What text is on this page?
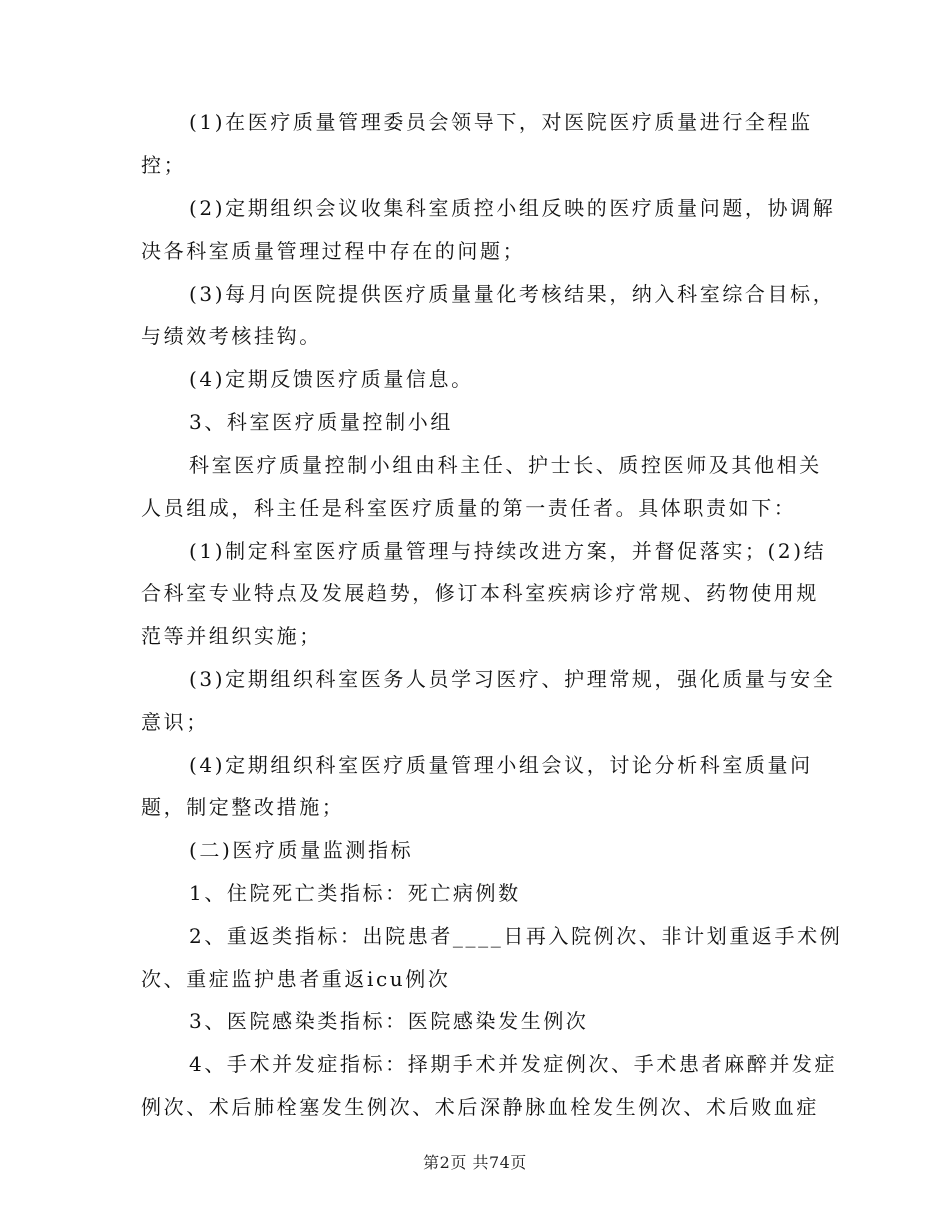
(1)在医疗质量管理委员会领导下，对医院医疗质量进行全程监
控；
(2)定期组织会议收集科室质控小组反映的医疗质量问题，协调解
决各科室质量管理过程中存在的问题；
(3)每月向医院提供医疗质量量化考核结果，纳入科室综合目标，
与绩效考核挂钩。
(4)定期反馈医疗质量信息。
3、科室医疗质量控制小组
科室医疗质量控制小组由科主任、护士长、质控医师及其他相关
人员组成，科主任是科室医疗质量的第一责任者。具体职责如下：
(1)制定科室医疗质量管理与持续改进方案，并督促落实；(2)结
合科室专业特点及发展趋势，修订本科室疾病诊疗常规、药物使用规
范等并组织实施；
(3)定期组织科室医务人员学习医疗、护理常规，强化质量与安全
意识；
(4)定期组织科室医疗质量管理小组会议，讨论分析科室质量问
题，制定整改措施；
(二)医疗质量监测指标
1、住院死亡类指标：死亡病例数
2、重返类指标：出院患者____日再入院例次、非计划重返手术例
次、重症监护患者重返icu例次
3、医院感染类指标：医院感染发生例次
4、手术并发症指标：择期手术并发症例次、手术患者麻醉并发症
例次、术后肺栓塞发生例次、术后深静脉血栓发生例次、术后败血症
第2页 共74页
